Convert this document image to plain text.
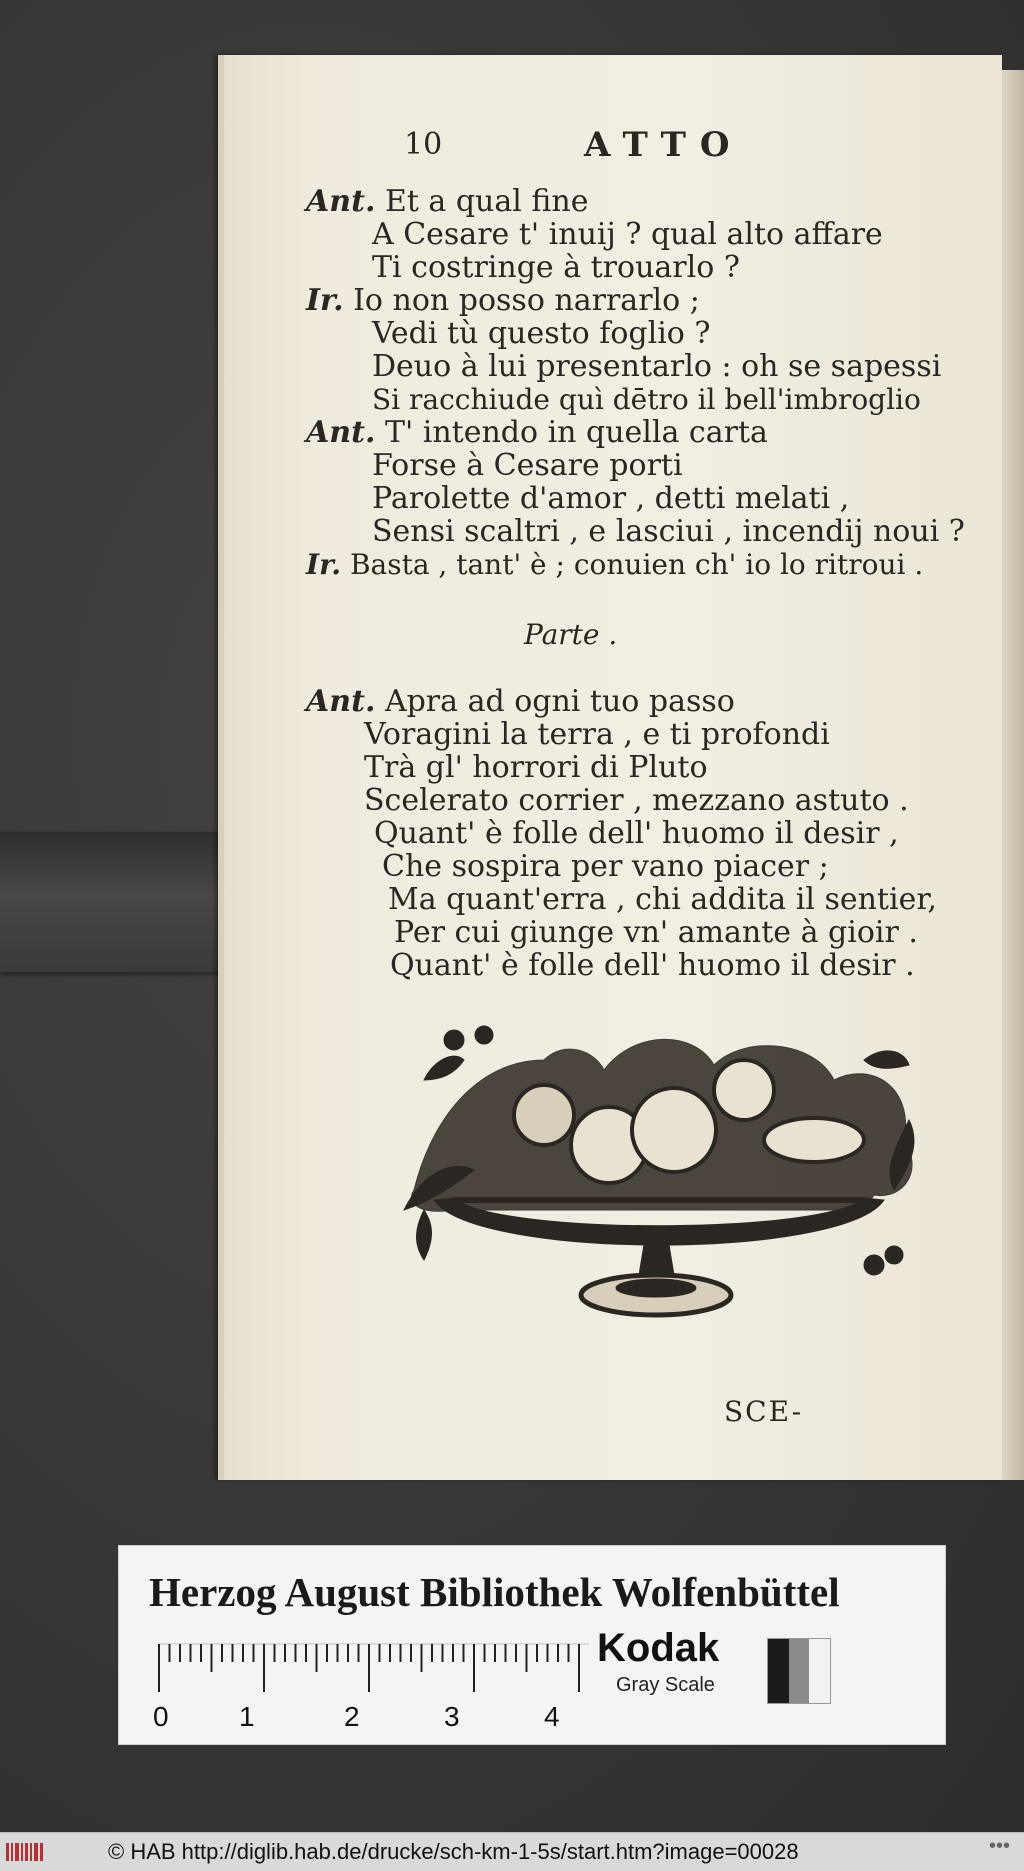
10	ATTO
Ant. Et a qual fine
A Cesare t' inuij ? qual alto affare
Ti costringe à trouarlo ?
Ir. Io non posso narrarlo ;
Vedi tù questo foglio ?
Deuo à lui presentarlo : oh se sapessi
Si racchiude quì dētro il bell'imbroglio
Ant. T' intendo in quella carta
Forse à Cesare porti
Parolette d'amor , detti melati ,
Sensi scaltri , e lasciui , incendij noui ?
Ir. Basta , tant' è ; conuien ch' io lo ritroui .
Parte .
Ant. Apra ad ogni tuo passo
Voragini la terra , e ti profondi
Trà gl' horrori di Pluto
Scelerato corrier , mezzano astuto .
Quant' è folle dell' huomo il desir ,
Che sospira per vano piacer ;
Ma quant'erra , chi addita il sentier,
Per cui giunge vn' amante à gioir .
Quant' è folle dell' huomo il desir .
SCE-
Herzog August Bibliothek Wolfenbüttel
0	1	2	3	4
Kodak
Gray Scale
© HAB http://diglib.hab.de/drucke/sch-km-1-5s/start.htm?image=00028	•••
